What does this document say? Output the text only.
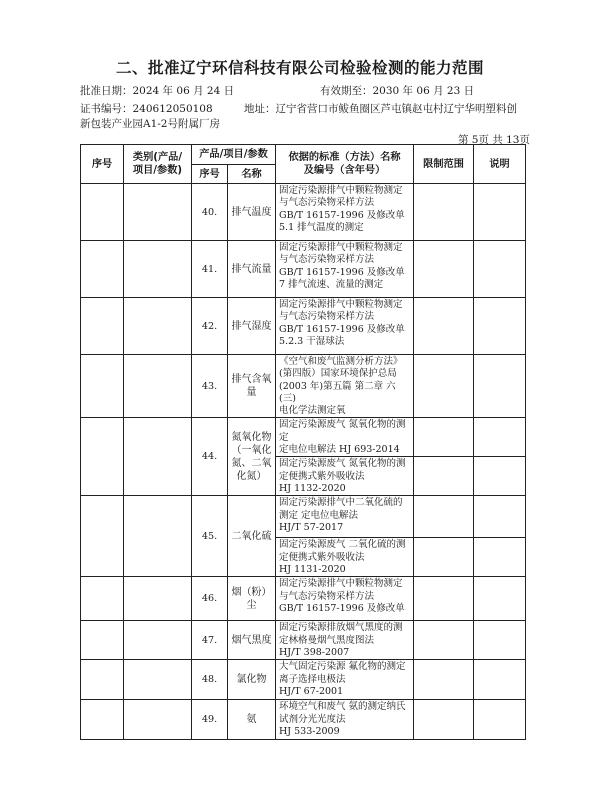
二、批准辽宁环信科技有限公司检验检测的能力范围
批准日期：2024 年 06 月 24 日	有效期至：2030 年 06 月 23 日
证书编号：240612050108	地址：辽宁省营口市鲅鱼圈区芦屯镇赵屯村辽宁华明塑料创
新包装产业园A1-2号附属厂房
第 5页 共 13页
序号	类别(产品/项目/参数)	产品/项目/参数		依据的标准（方法）名称及编号（含年号）	限制范围	说明
		序号	名称			
		40.	排气温度	固定污染源排气中颗粒物测定
与气态污染物采样方法
GB/T 16157-1996 及修改单
5.1 排气温度的测定		

		41.	排气流量	固定污染源排气中颗粒物测定
与气态污染物采样方法
GB/T 16157-1996 及修改单
7 排气流速、流量的测定		

		42.	排气湿度	固定污染源排气中颗粒物测定
与气态污染物采样方法
GB/T 16157-1996 及修改单
5.2.3 干湿球法		

		43.	排气含氧量	《空气和废气监测分析方法》
(第四版）国家环境保护总局
(2003 年)第五篇 第二章 六(三)
电化学法测定氧		

		44.	氮氧化物（一氧化氮、二氧化氮）	固定污染源废气 氮氧化物的测定
定电位电解法 HJ 693-2014		

				固定污染源废气 氮氧化物的测
定便携式紫外吸收法
HJ 1132-2020		

		45.	二氧化硫	固定污染源排气中二氧化硫的
测定 定电位电解法
HJ/T 57-2017		

				固定污染源废气 二氧化硫的测
定便携式紫外吸收法
HJ 1131-2020		

		46.	烟（粉）尘	固定污染源排气中颗粒物测定
与气态污染物采样方法
GB/T 16157-1996 及修改单		

		47.	烟气黑度	固定污染源排放烟气黑度的测
定林格曼烟气黑度图法
HJ/T 398-2007		

		48.	氯化物	大气固定污染源 氟化物的测定
离子选择电极法
HJ/T 67-2001		

		49.	氨	环境空气和废气 氨的测定纳氏
试剂分光光度法
HJ 533-2009		
